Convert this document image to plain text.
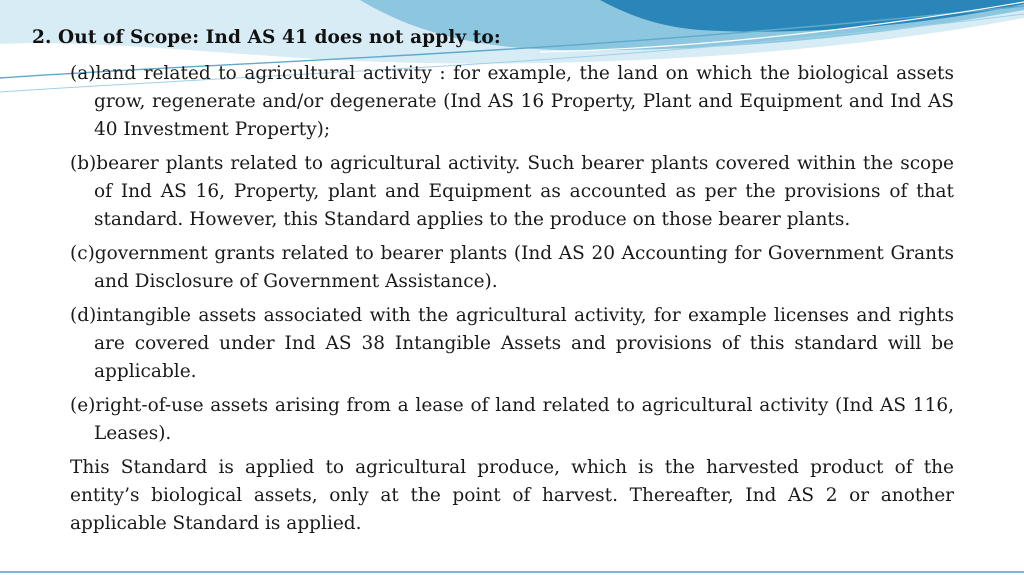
2. Out of Scope: Ind AS 41 does not apply to:
(a)land related to agricultural activity : for example, the land on which the biological assets grow, regenerate and/or degenerate (Ind AS 16 Property, Plant and Equipment and Ind AS 40 Investment Property);
(b)bearer plants related to agricultural activity. Such bearer plants covered within the scope of Ind AS 16, Property, plant and Equipment as accounted as per the provisions of that standard. However, this Standard applies to the produce on those bearer plants.
(c)government grants related to bearer plants (Ind AS 20 Accounting for Government Grants and Disclosure of Government Assistance).
(d)intangible assets associated with the agricultural activity, for example licenses and rights are covered under Ind AS 38 Intangible Assets and provisions of this standard will be applicable.
(e)right-of-use assets arising from a lease of land related to agricultural activity (Ind AS 116, Leases).
This Standard is applied to agricultural produce, which is the harvested product of the entity’s biological assets, only at the point of harvest. Thereafter, Ind AS 2 or another applicable Standard is applied.
